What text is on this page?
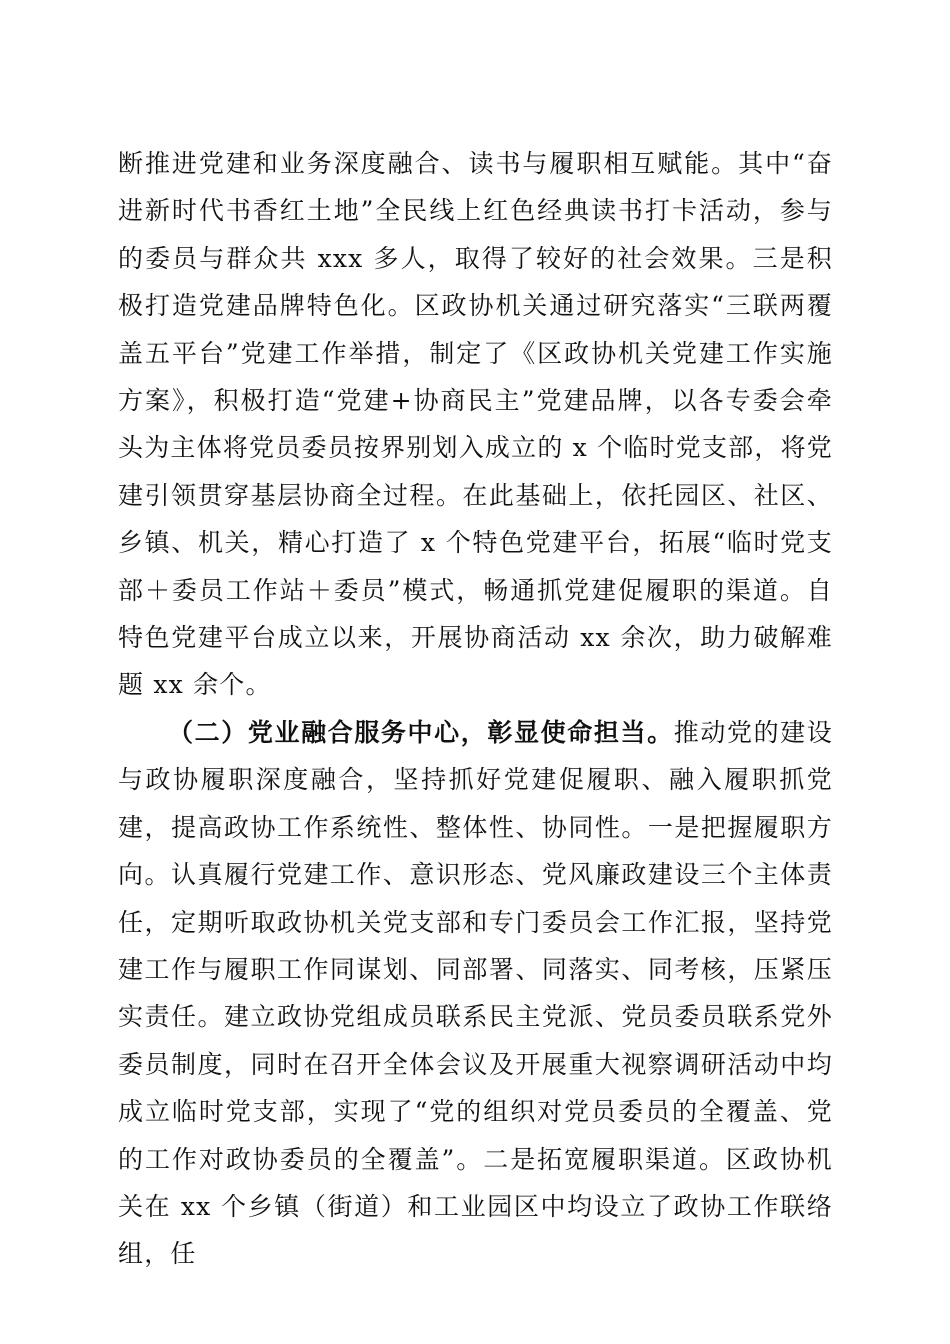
断推进党建和业务深度融合、读书与履职相互赋能。其中“奋进新时代书香红土地”全民线上红色经典读书打卡活动，参与的委员与群众共 xxx 多人，取得了较好的社会效果。三是积极打造党建品牌特色化。区政协机关通过研究落实“三联两覆盖五平台”党建工作举措，制定了《区政协机关党建工作实施方案》，积极打造“党建+协商民主”党建品牌，以各专委会牵头为主体将党员委员按界别划入成立的 x 个临时党支部，将党建引领贯穿基层协商全过程。在此基础上，依托园区、社区、乡镇、机关，精心打造了 x 个特色党建平台，拓展“临时党支部＋委员工作站＋委员”模式，畅通抓党建促履职的渠道。自特色党建平台成立以来，开展协商活动 xx 余次，助力破解难题 xx 余个。

（二）党业融合服务中心，彰显使命担当。推动党的建设与政协履职深度融合，坚持抓好党建促履职、融入履职抓党建，提高政协工作系统性、整体性、协同性。一是把握履职方向。认真履行党建工作、意识形态、党风廉政建设三个主体责任，定期听取政协机关党支部和专门委员会工作汇报，坚持党建工作与履职工作同谋划、同部署、同落实、同考核，压紧压实责任。建立政协党组成员联系民主党派、党员委员联系党外委员制度，同时在召开全体会议及开展重大视察调研活动中均成立临时党支部，实现了“党的组织对党员委员的全覆盖、党的工作对政协委员的全覆盖”。二是拓宽履职渠道。区政协机关在 xx 个乡镇（街道）和工业园区中均设立了政协工作联络组，任
